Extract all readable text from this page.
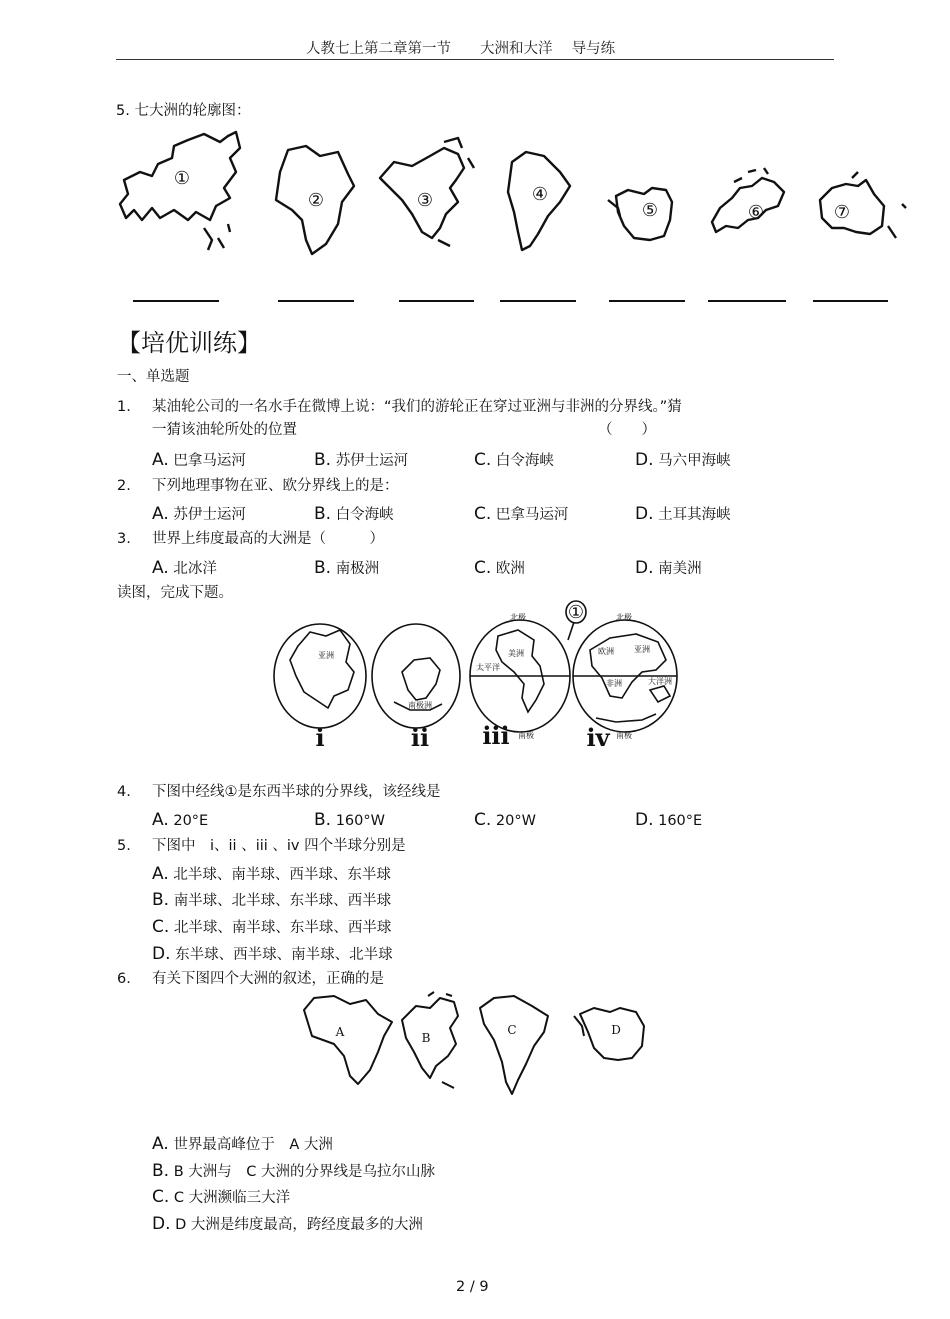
人教七上第二章第一节　　大洲和大洋　 导与练
5. 七大洲的轮廓图：
①
②	③	④
⑤	⑥	⑦
【培优训练】
一、单选题
1. 某油轮公司的一名水手在微博上说：“我们的游轮正在穿过亚洲与非洲的分界线。”猜
一猜该油轮所处的位置	（　　）
A. 巴拿马运河	B. 苏伊士运河	C. 白令海峡	D. 马六甲海峡
2. 下列地理事物在亚、欧分界线上的是：
A. 苏伊士运河	B. 白令海峡	C. 巴拿马运河	D. 土耳其海峡
3. 世界上纬度最高的大洲是（　　　）
A. 北冰洋	B. 南极洲	C. 欧洲	D. 南美洲
读图，完成下题。
北极	北极
南极	南极
亚洲
太平洋
美洲	亚洲
欧洲
非洲
南极洲
大洋洲
①
i	ii iii	iv
4. 下图中经线①是东西半球的分界线，该经线是
A. 20°E	B. 160°W	C. 20°W	D. 160°E
5. 下图中　i、ii 、iii 、iv 四个半球分别是
A. 北半球、南半球、西半球、东半球
B. 南半球、北半球、东半球、西半球
C. 北半球、南半球、东半球、西半球
D. 东半球、西半球、南半球、北半球
6. 有关下图四个大洲的叙述，正确的是
A	B
C	D
A. 世界最高峰位于　A 大洲
B. B 大洲与　C 大洲的分界线是乌拉尔山脉
C. C 大洲濒临三大洋
D. D 大洲是纬度最高，跨经度最多的大洲
2 / 9
